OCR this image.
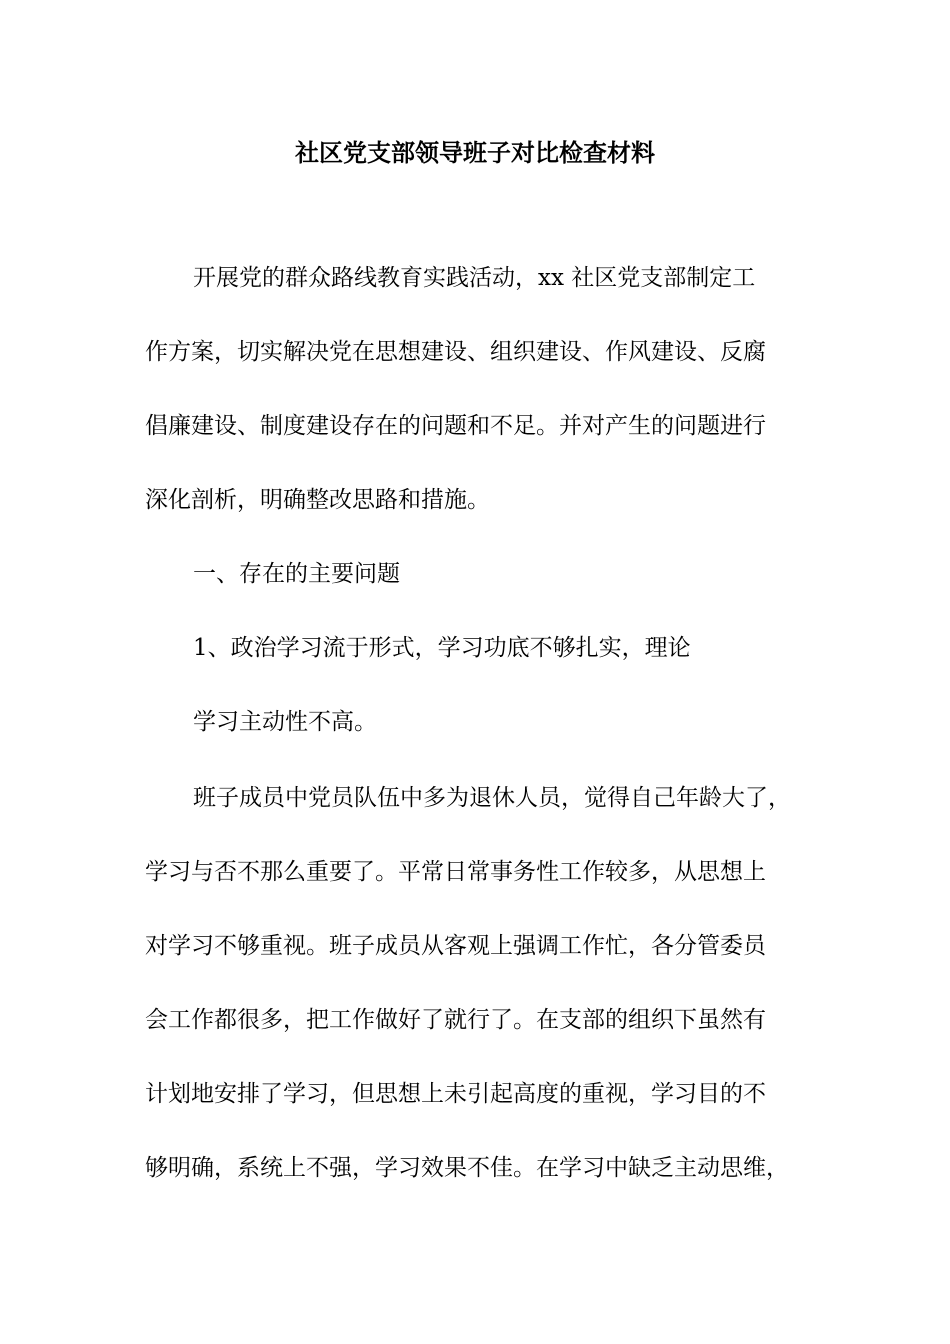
社区党支部领导班子对比检查材料
开展党的群众路线教育实践活动，xx 社区党支部制定工
作方案，切实解决党在思想建设、组织建设、作风建设、反腐
倡廉建设、制度建设存在的问题和不足。并对产生的问题进行
深化剖析，明确整改思路和措施。
一、存在的主要问题
1、政治学习流于形式，学习功底不够扎实，理论
学习主动性不高。
班子成员中党员队伍中多为退休人员，觉得自己年龄大了，
学习与否不那么重要了。平常日常事务性工作较多，从思想上
对学习不够重视。班子成员从客观上强调工作忙，各分管委员
会工作都很多，把工作做好了就行了。在支部的组织下虽然有
计划地安排了学习，但思想上未引起高度的重视，学习目的不
够明确，系统上不强，学习效果不佳。在学习中缺乏主动思维，
